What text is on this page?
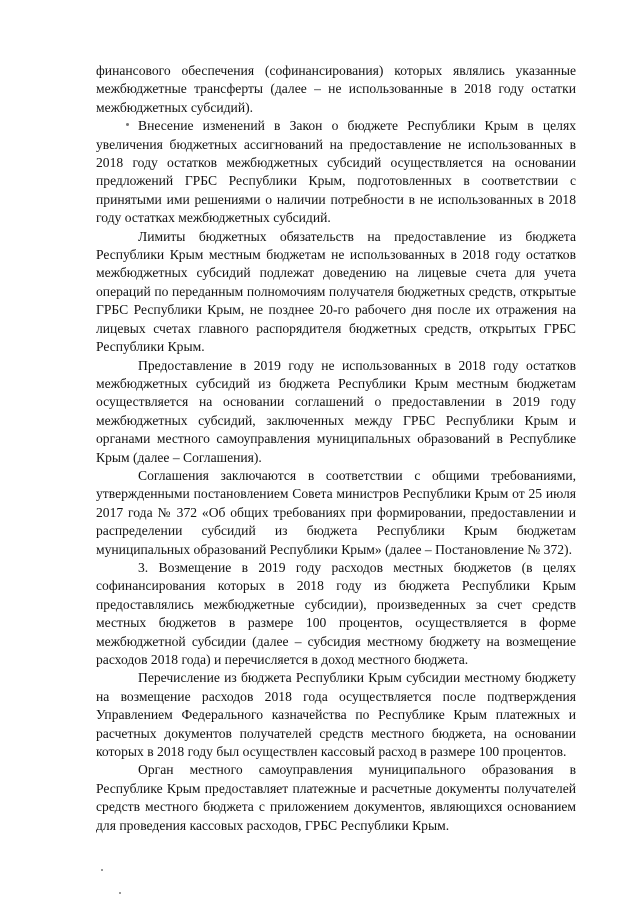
финансового обеспечения (софинансирования) которых являлись указанные межбюджетные трансферты (далее – не использованные в 2018 году остатки межбюджетных субсидий).

Внесение изменений в Закон о бюджете Республики Крым в целях увеличения бюджетных ассигнований на предоставление не использованных в 2018 году остатков межбюджетных субсидий осуществляется на основании предложений ГРБС Республики Крым, подготовленных в соответствии с принятыми ими решениями о наличии потребности в не использованных в 2018 году остатках межбюджетных субсидий.

Лимиты бюджетных обязательств на предоставление из бюджета Республики Крым местным бюджетам не использованных в 2018 году остатков межбюджетных субсидий подлежат доведению на лицевые счета для учета операций по переданным полномочиям получателя бюджетных средств, открытые ГРБС Республики Крым, не позднее 20-го рабочего дня после их отражения на лицевых счетах главного распорядителя бюджетных средств, открытых ГРБС Республики Крым.

Предоставление в 2019 году не использованных в 2018 году остатков межбюджетных субсидий из бюджета Республики Крым местным бюджетам осуществляется на основании соглашений о предоставлении в 2019 году межбюджетных субсидий, заключенных между ГРБС Республики Крым и органами местного самоуправления муниципальных образований в Республике Крым (далее – Соглашения).

Соглашения заключаются в соответствии с общими требованиями, утвержденными постановлением Совета министров Республики Крым от 25 июля 2017 года № 372 «Об общих требованиях при формировании, предоставлении и распределении субсидий из бюджета Республики Крым бюджетам муниципальных образований Республики Крым» (далее – Постановление № 372).

3. Возмещение в 2019 году расходов местных бюджетов (в целях софинансирования которых в 2018 году из бюджета Республики Крым предоставлялись межбюджетные субсидии), произведенных за счет средств местных бюджетов в размере 100 процентов, осуществляется в форме межбюджетной субсидии (далее – субсидия местному бюджету на возмещение расходов 2018 года) и перечисляется в доход местного бюджета.

Перечисление из бюджета Республики Крым субсидии местному бюджету на возмещение расходов 2018 года осуществляется после подтверждения Управлением Федерального казначейства по Республике Крым платежных и расчетных документов получателей средств местного бюджета, на основании которых в 2018 году был осуществлен кассовый расход в размере 100 процентов.

Орган местного самоуправления муниципального образования в Республике Крым предоставляет платежные и расчетные документы получателей средств местного бюджета с приложением документов, являющихся основанием для проведения кассовых расходов, ГРБС Республики Крым.
